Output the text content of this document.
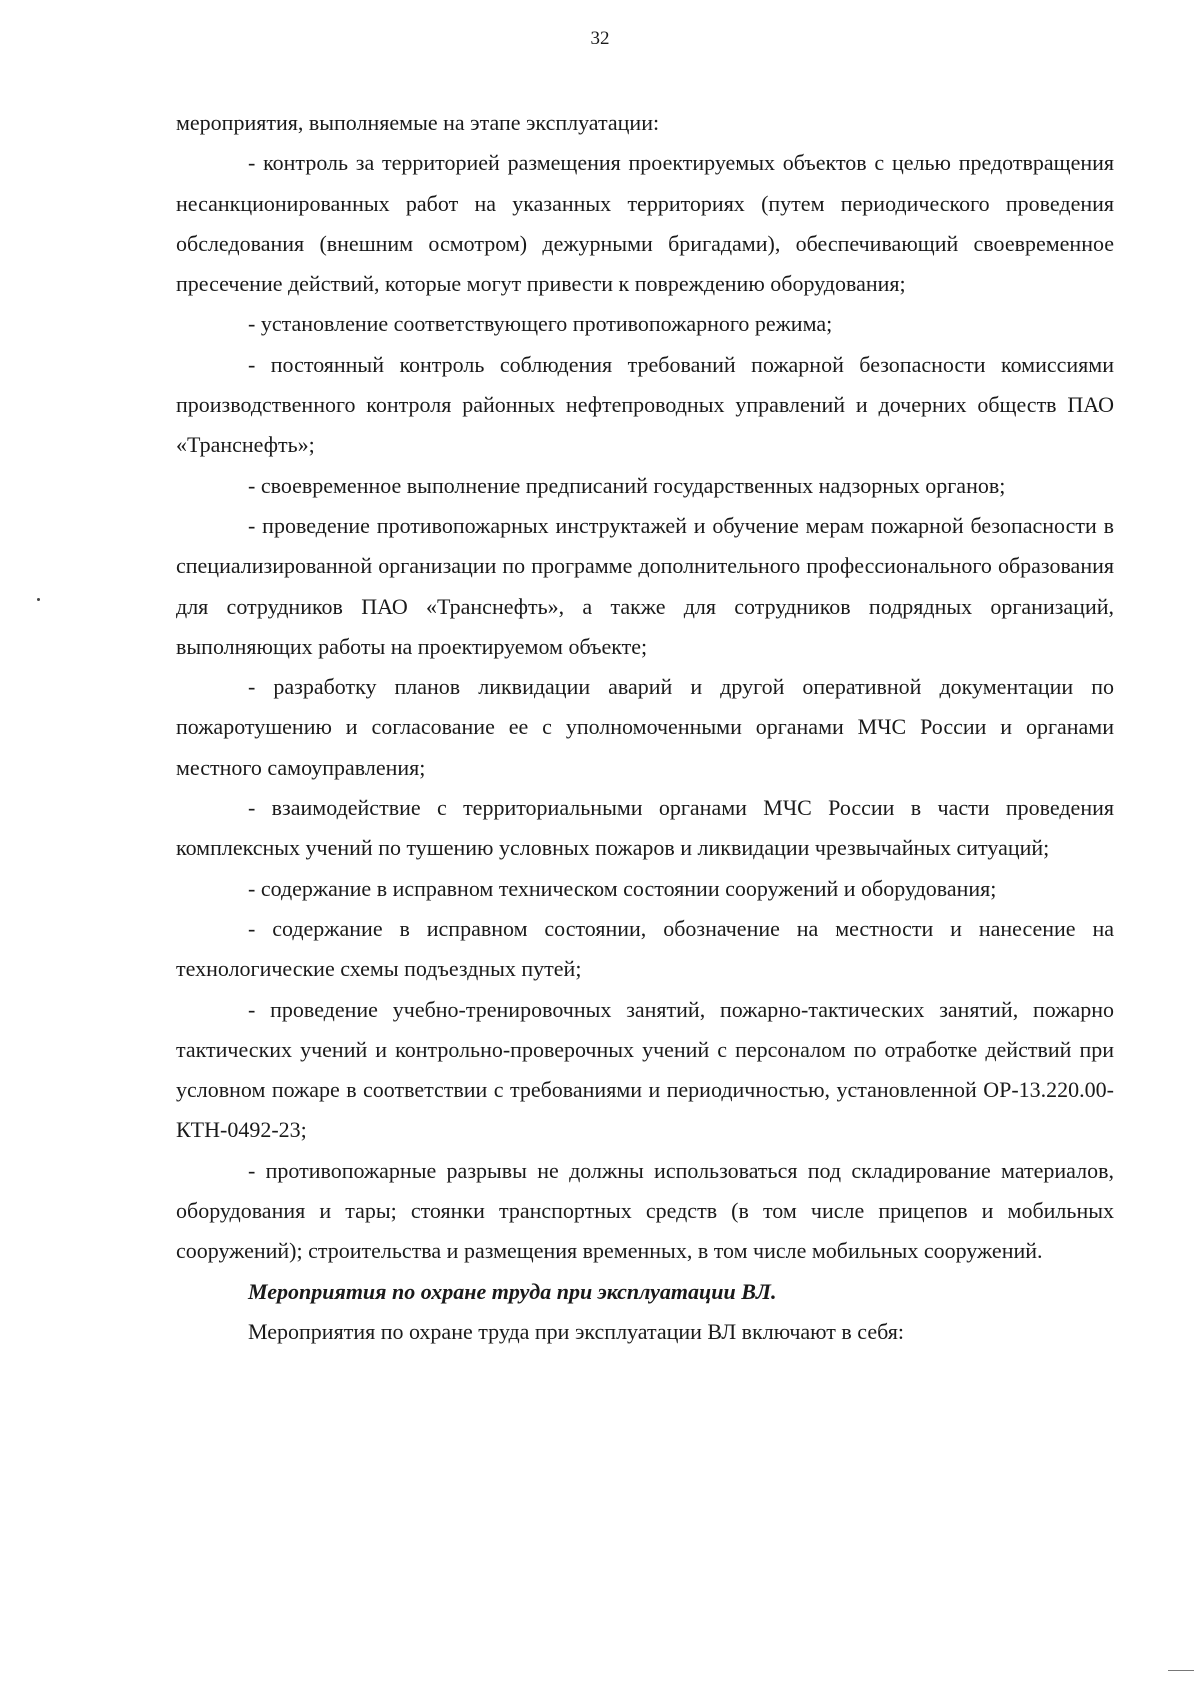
32

мероприятия, выполняемые на этапе эксплуатации:

- контроль за территорией размещения проектируемых объектов с целью предотвращения несанкционированных работ на указанных территориях (путем периодического проведения обследования (внешним осмотром) дежурными бригадами), обеспечивающий своевременное пресечение действий, которые могут привести к повреждению оборудования;

- установление соответствующего противопожарного режима;

- постоянный контроль соблюдения требований пожарной безопасности комиссиями производственного контроля районных нефтепроводных управлений и дочерних обществ ПАО «Транснефть»;

- своевременное выполнение предписаний государственных надзорных органов;

- проведение противопожарных инструктажей и обучение мерам пожарной безопасности в специализированной организации по программе дополнительного профессионального образования для сотрудников ПАО «Транснефть», а также для сотрудников подрядных организаций, выполняющих работы на проектируемом объекте;

- разработку планов ликвидации аварий и другой оперативной документации по пожаротушению и согласование ее с уполномоченными органами МЧС России и органами местного самоуправления;

- взаимодействие с территориальными органами МЧС России в части проведения комплексных учений по тушению условных пожаров и ликвидации чрезвычайных ситуаций;

- содержание в исправном техническом состоянии сооружений и оборудования;

- содержание в исправном состоянии, обозначение на местности и нанесение на технологические схемы подъездных путей;

- проведение учебно-тренировочных занятий, пожарно-тактических занятий, пожарно тактических учений и контрольно-проверочных учений с персоналом по отработке действий при условном пожаре в соответствии с требованиями и периодичностью, установленной ОР-13.220.00-КТН-0492-23;

- противопожарные разрывы не должны использоваться под складирование материалов, оборудования и тары; стоянки транспортных средств (в том числе прицепов и мобильных сооружений); строительства и размещения временных, в том числе мобильных сооружений.

Мероприятия по охране труда при эксплуатации ВЛ.

Мероприятия по охране труда при эксплуатации ВЛ включают в себя:
